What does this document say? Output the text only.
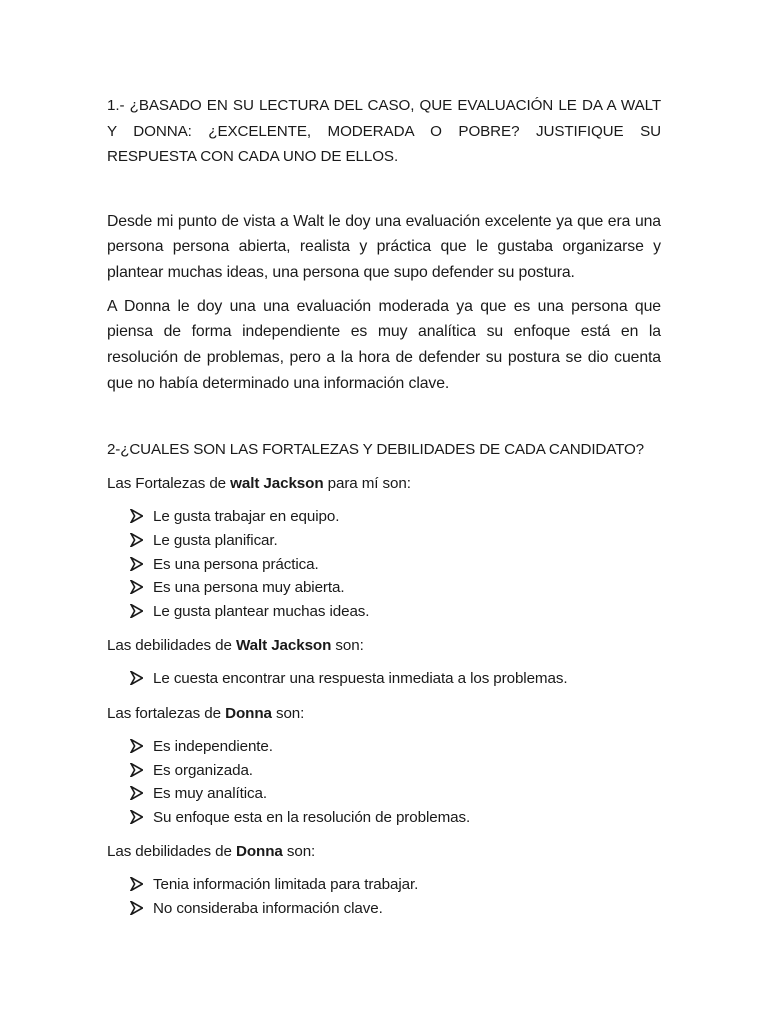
1.- ¿BASADO EN SU LECTURA DEL CASO, QUE EVALUACIÓN LE DA A WALT Y DONNA: ¿EXCELENTE, MODERADA O POBRE? JUSTIFIQUE SU RESPUESTA CON CADA UNO DE ELLOS.

Desde mi punto de vista a Walt le doy una evaluación excelente ya que era una persona persona abierta, realista y práctica que le gustaba organizarse y plantear muchas ideas, una persona que supo defender su postura.

A Donna le doy una una evaluación moderada ya que es una persona que piensa de forma independiente es muy analítica su enfoque está en la resolución de problemas, pero a la hora de defender su postura se dio cuenta que no había determinado una información clave.

2-¿CUALES SON LAS FORTALEZAS Y DEBILIDADES DE CADA CANDIDATO?

Las Fortalezas de walt Jackson para mí son:

Le gusta trabajar en equipo.
Le gusta planificar.
Es una persona práctica.
Es una persona muy abierta.
Le gusta plantear muchas ideas.

Las debilidades de Walt Jackson son:

Le cuesta encontrar una respuesta inmediata a los problemas.

Las fortalezas de Donna son:

Es independiente.
Es organizada.
Es muy analítica.
Su enfoque esta en la resolución de problemas.

Las debilidades de Donna son:

Tenia información limitada para trabajar.
No consideraba información clave.
